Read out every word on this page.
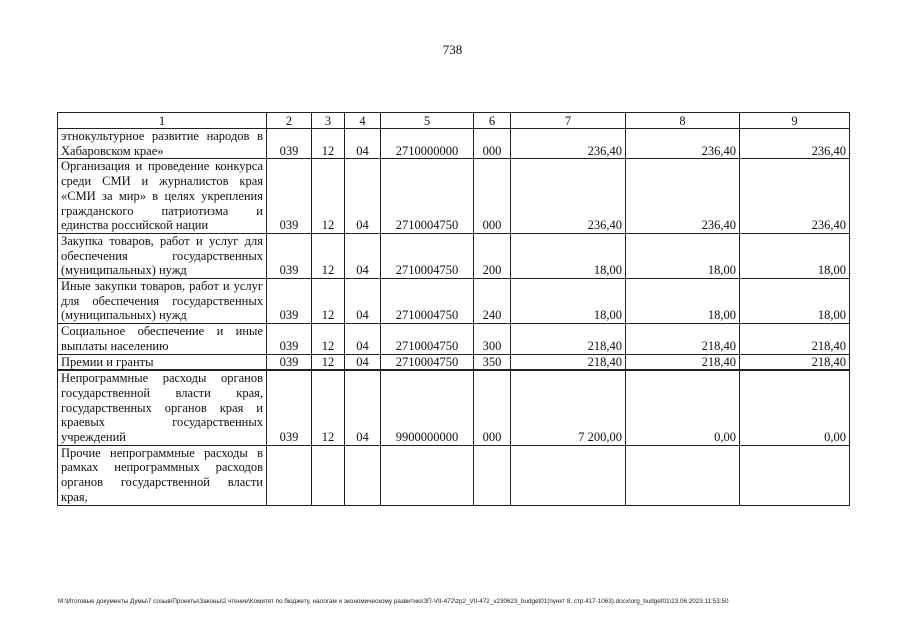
738
1	2	3	4	5	6	7	8	9
этнокультурное развитие народов в Хабаровском крае»	039	12	04	2710000000	000	236,40	236,40	236,40
Организация и проведение конкурса среди СМИ и журналистов края «СМИ за мир» в целях укрепления гражданского патриотизма и единства российской нации	039	12	04	2710004750	000	236,40	236,40	236,40
Закупка товаров, работ и услуг для обеспечения государственных (муниципальных) нужд	039	12	04	2710004750	200	18,00	18,00	18,00
Иные закупки товаров, работ и услуг для обеспечения государственных (муниципальных) нужд	039	12	04	2710004750	240	18,00	18,00	18,00
Социальное обеспечение и иные выплаты населению	039	12	04	2710004750	300	218,40	218,40	218,40
Премии и гранты	039	12	04	2710004750	350	218,40	218,40	218,40
Непрограммные расходы органов государственной власти края, государственных органов края и краевых государственных учреждений	039	12	04	9900000000	000	7 200,00	0,00	0,00
Прочие непрограммные расходы в рамках непрограммных расходов органов государственной власти края,								
M:\Итоговые документы Думы\7 созыв\Проекты\Законы\2 чтение\Комитет по бюджету, налогам и экономическому развитию\ЗП-VII-472\zp2_VII-472_v230623_budget01(пункт 8, стр.417-1063).docx\org_budget01\23.06.2023 11:53:50
